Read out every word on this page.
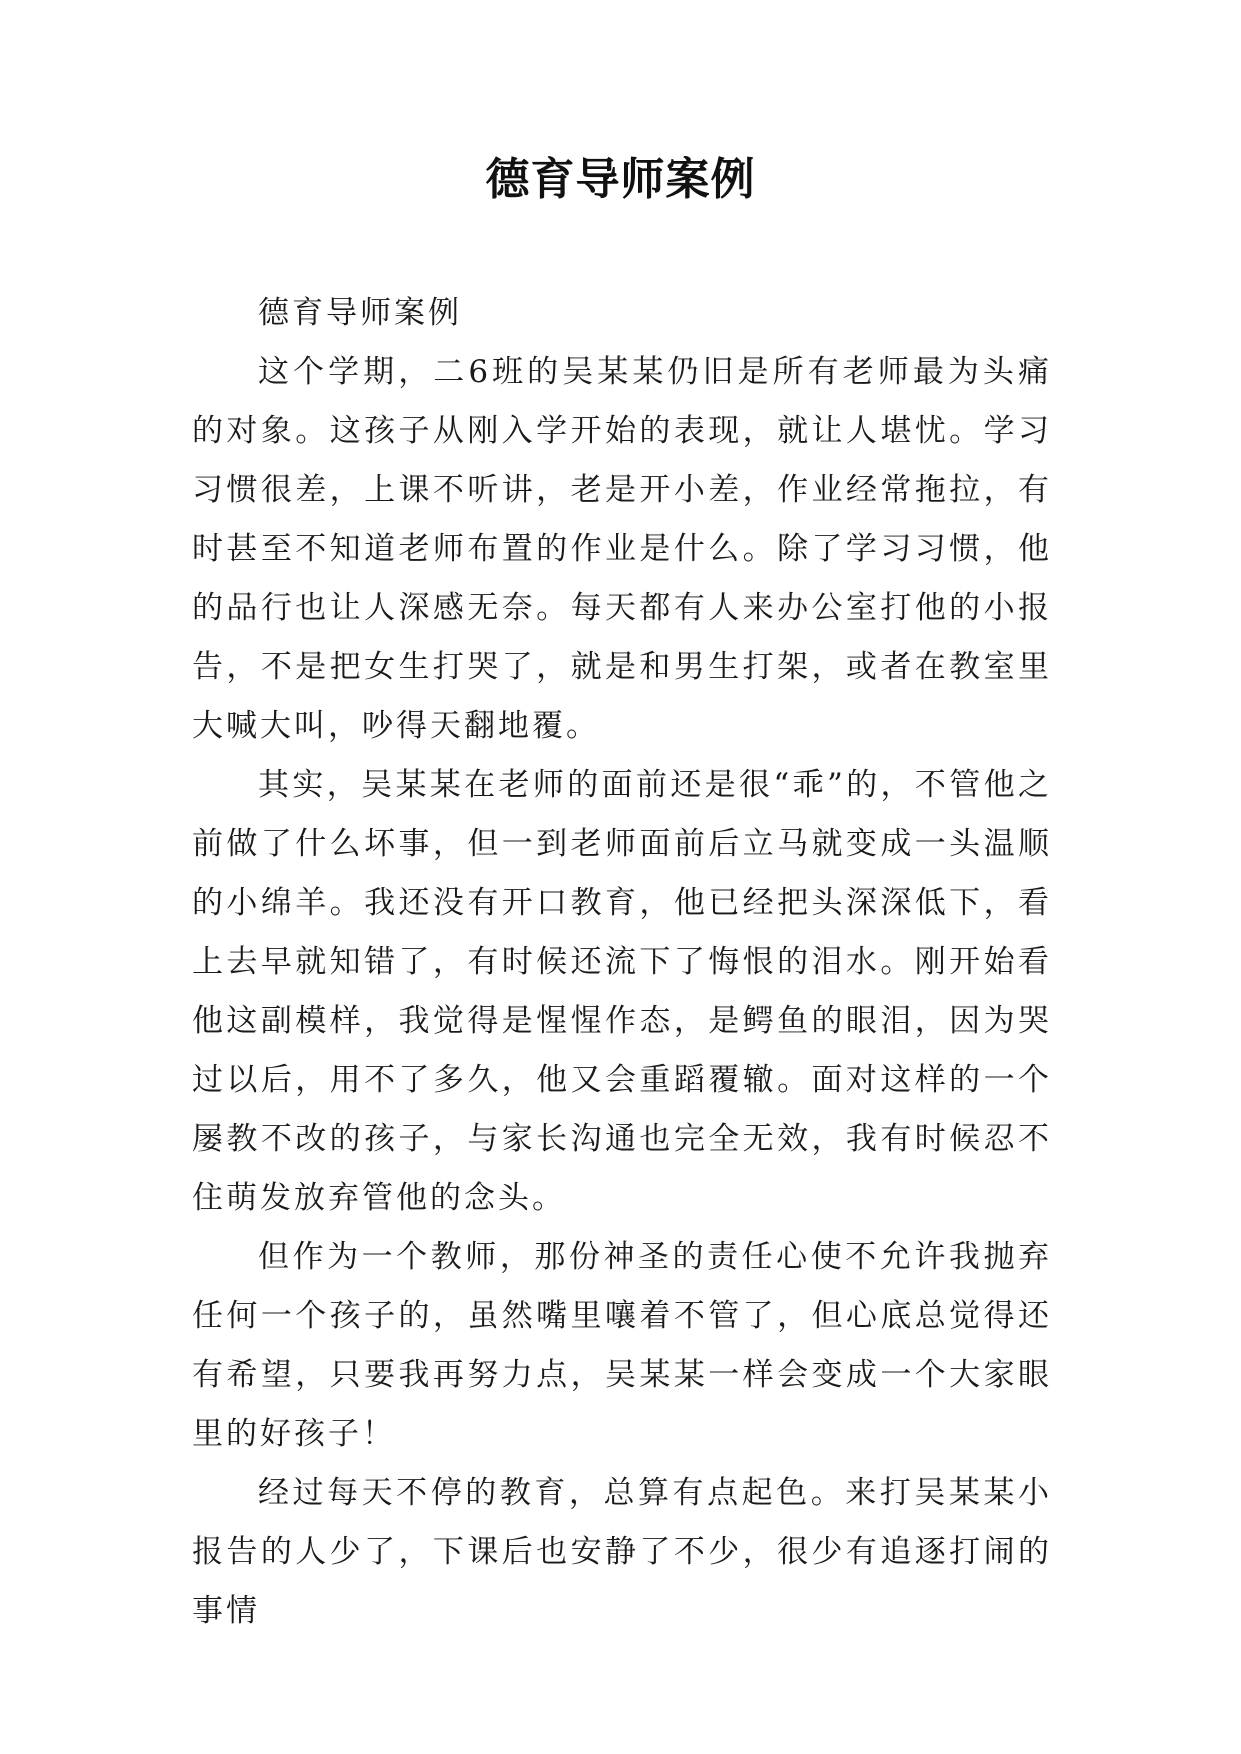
德育导师案例

德育导师案例

这个学期，二6班的吴某某仍旧是所有老师最为头痛的对象。这孩子从刚入学开始的表现，就让人堪忧。学习习惯很差，上课不听讲，老是开小差，作业经常拖拉，有时甚至不知道老师布置的作业是什么。除了学习习惯，他的品行也让人深感无奈。每天都有人来办公室打他的小报告，不是把女生打哭了，就是和男生打架，或者在教室里大喊大叫，吵得天翻地覆。

其实，吴某某在老师的面前还是很“乖”的，不管他之前做了什么坏事，但一到老师面前后立马就变成一头温顺的小绵羊。我还没有开口教育，他已经把头深深低下，看上去早就知错了，有时候还流下了悔恨的泪水。刚开始看他这副模样，我觉得是惺惺作态，是鳄鱼的眼泪，因为哭过以后，用不了多久，他又会重蹈覆辙。面对这样的一个屡教不改的孩子，与家长沟通也完全无效，我有时候忍不住萌发放弃管他的念头。

但作为一个教师，那份神圣的责任心使不允许我抛弃任何一个孩子的，虽然嘴里嚷着不管了，但心底总觉得还有希望，只要我再努力点，吴某某一样会变成一个大家眼里的好孩子！

经过每天不停的教育，总算有点起色。来打吴某某小报告的人少了，下课后也安静了不少，很少有追逐打闹的事情
